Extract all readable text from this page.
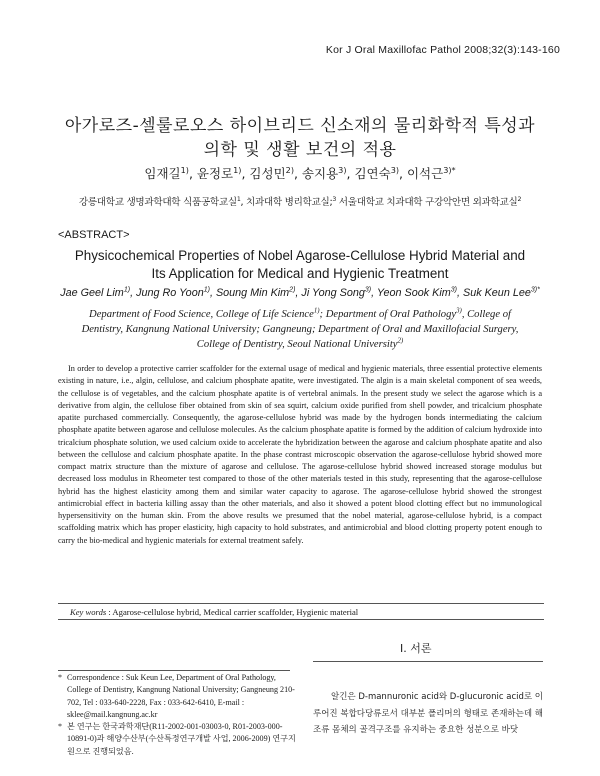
Kor J Oral Maxillofac Pathol 2008;32(3):143-160
아가로즈-셀룰로오스 하이브리드 신소재의 물리화학적 특성과
의학 및 생활 보건의 적용
임재길$^{1)}$, 윤정로$^{1)}$, 김성민$^{2)}$, 송지용$^{3)}$, 김연숙$^{3)}$, 이석근$^{3)*}$
강릉대학교 생명과학대학 식품공학교실$^1$, 치과대학 병리학교실;$^3$ 서울대학교 치과대학 구강악안면 외과학교실$^2$
<ABSTRACT>
Physicochemical Properties of Nobel Agarose-Cellulose Hybrid Material and
Its Application for Medical and Hygienic Treatment
Jae Geel Lim$^{1)}$, Jung Ro Yoon$^{1)}$, Soung Min Kim$^{2)}$, Ji Yong Song$^{3)}$, Yeon Sook Kim$^{3)}$, Suk Keun Lee$^{3)*}$
Department of Food Science, College of Life Science$^{1)}$; Department of Oral Pathology$^{3)}$, College of
Dentistry, Kangnung National University; Gangneung; Department of Oral and Maxillofacial Surgery,
College of Dentistry, Seoul National University$^{2)}$
In order to develop a protective carrier scaffolder for the external usage of medical and hygienic materials, three essential protective elements existing in nature, i.e., algin, cellulose, and calcium phosphate apatite, were investigated. The algin is a main skeletal component of sea weeds, the cellulose is of vegetables, and the calcium phosphate apatite is of vertebral animals. In the present study we select the agarose which is a derivative from algin, the cellulose fiber obtained from skin of sea squirt, calcium oxide purified from shell powder, and tricalcium phosphate apatite purchased commercially. Consequently, the agarose-cellulose hybrid was made by the hydrogen bonds intermediating the calcium phosphate apatite between agarose and cellulose molecules. As the calcium phosphate apatite is formed by the addition of calcium hydroxide into tricalcium phosphate solution, we used calcium oxide to accelerate the hybridization between the agarose and calcium phosphate apatite and also between the cellulose and calcium phosphate apatite. In the phase contrast microscopic observation the agarose-cellulose hybrid showed more compact matrix structure than the mixture of agarose and cellulose. The agarose-cellulose hybrid showed increased storage modulus but decreased loss modulus in Rheometer test compared to those of the other materials tested in this study, representing that the agarose-cellulose hybrid has the highest elasticity among them and similar water capacity to agarose. The agarose-cellulose hybrid showed the strongest antimicrobial effect in bacteria killing assay than the other materials, and also it showed a potent blood clotting effect but no immunological hypersensitivity on the human skin. From the above results we presumed that the nobel material, agarose-cellulose hybrid, is a compact scaffolding matrix which has proper elasticity, high capacity to hold substrates, and antimicrobial and blood clotting property potent enough to carry the bio-medical and hygienic materials for external treatment safely.
Key words : Agarose-cellulose hybrid, Medical carrier scaffolder, Hygienic material
I. 서론

알긴은 D-mannuronic acid와 D-glucuronic acid로 이루어진 복합다당류로서 대부분 폴리머의 형태로 존재하는데 해조류 몸체의 골격구조를 유지하는 중요한 성분으로 바닷

* Correspondence : Suk Keun Lee, Department of Oral Pathology, College of Dentistry, Kangnung National University; Gangneung 210-702, Tel : 033-640-2228, Fax : 033-642-6410, E-mail : sklee@mail.kangnung.ac.kr
* 본 연구는 한국과학재단(R11-2002-001-03003-0, R01-2003-000-10891-0)과 해양수산부(수산특정연구개발 사업, 2006-2009) 연구지원으로 진행되었음.
